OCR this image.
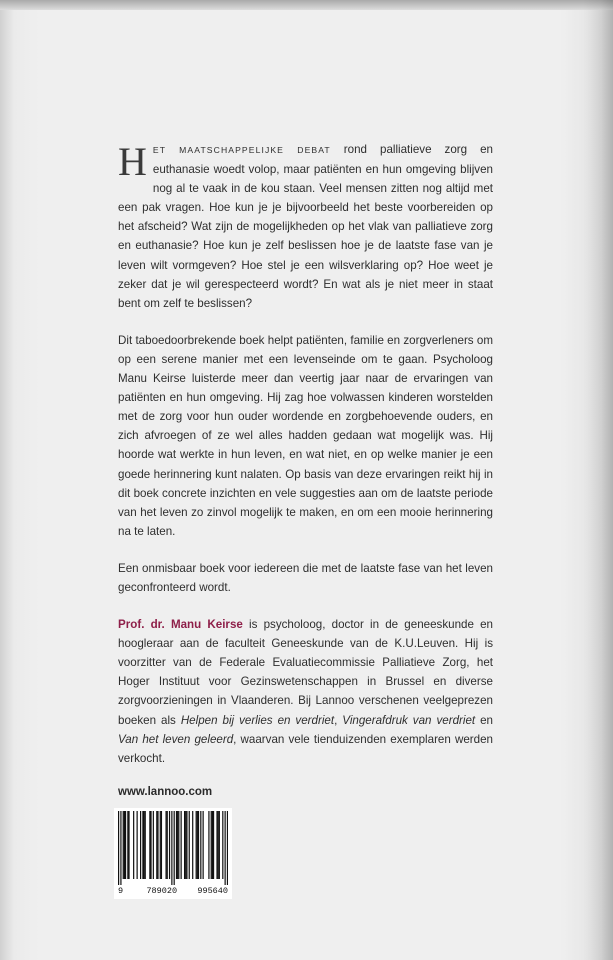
HET MAATSCHAPPELIJKE DEBAT rond palliatieve zorg en euthanasie woedt volop, maar patiënten en hun omgeving blijven nog al te vaak in de kou staan. Veel mensen zitten nog altijd met een pak vragen. Hoe kun je je bijvoorbeeld het beste voorbereiden op het afscheid? Wat zijn de mogelijkheden op het vlak van palliatieve zorg en euthanasie? Hoe kun je zelf beslissen hoe je de laatste fase van je leven wilt vormgeven? Hoe stel je een wilsverklaring op? Hoe weet je zeker dat je wil gerespecteerd wordt? En wat als je niet meer in staat bent om zelf te beslissen?

Dit taboedoorbrekende boek helpt patiënten, familie en zorgverleners om op een serene manier met een levenseinde om te gaan. Psycholoog Manu Keirse luisterde meer dan veertig jaar naar de ervaringen van patiënten en hun omgeving. Hij zag hoe volwassen kinderen worstelden met de zorg voor hun ouder wordende en zorgbehoevende ouders, en zich afvroegen of ze wel alles hadden gedaan wat mogelijk was. Hij hoorde wat werkte in hun leven, en wat niet, en op welke manier je een goede herinnering kunt nalaten. Op basis van deze ervaringen reikt hij in dit boek concrete inzichten en vele suggesties aan om de laatste periode van het leven zo zinvol mogelijk te maken, en om een mooie herinnering na te laten.

Een onmisbaar boek voor iedereen die met de laatste fase van het leven geconfronteerd wordt.

Prof. dr. Manu Keirse is psycholoog, doctor in de geneeskunde en hoogleraar aan de faculteit Geneeskunde van de K.U.Leuven. Hij is voorzitter van de Federale Evaluatiecommissie Palliatieve Zorg, het Hoger Instituut voor Gezinswetenschappen in Brussel en diverse zorgvoorzieningen in Vlaanderen. Bij Lannoo verschenen veelgeprezen boeken als Helpen bij verlies en verdriet, Vingerafdruk van verdriet en Van het leven geleerd, waarvan vele tienduizenden exemplaren werden verkocht.

www.lannoo.com
9	789020 995640
